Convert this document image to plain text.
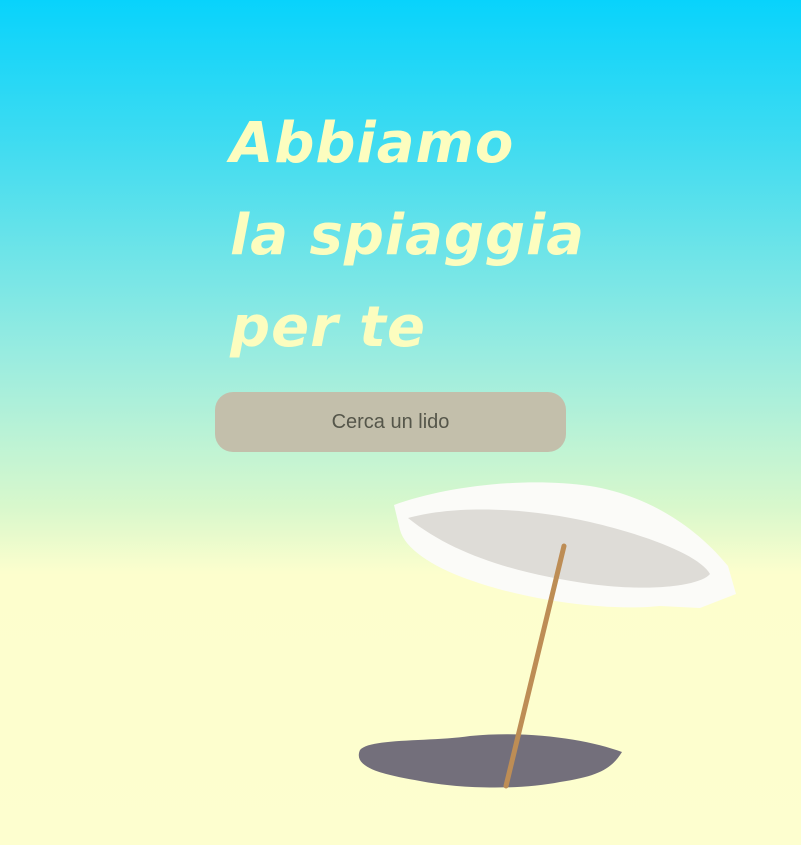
Abbiamo
la spiaggia
per te
Cerca un lido
